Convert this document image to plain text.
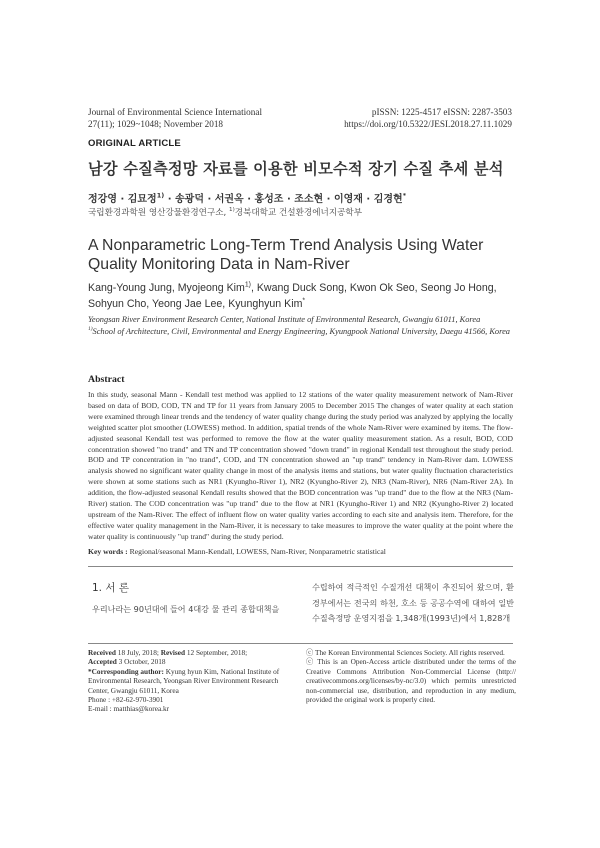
Journal of Environmental Science International
27(11); 1029~1048; November 2018
pISSN: 1225-4517 eISSN: 2287-3503
https://doi.org/10.5322/JESI.2018.27.11.1029
ORIGINAL ARTICLE
남강 수질측정망 자료를 이용한 비모수적 장기 수질 추세 분석
정강영 · 김묘정$^{1)}$ · 송광덕 · 서권옥 · 홍성조 · 조소현 · 이영재 · 김경현*
국립환경과학원 영산강물환경연구소, $^{1)}$경북대학교 건설환경에너지공학부
A Nonparametric Long-Term Trend Analysis Using Water Quality Monitoring Data in Nam-River
Kang-Young Jung, Myojeong Kim$^{1)}$, Kwang Duck Song, Kwon Ok Seo, Seong Jo Hong, Sohyun Cho, Yeong Jae Lee, Kyunghyun Kim*
Yeongsan River Environment Research Center, National Institute of Environmental Research, Gwangju 61011, Korea
$^{1)}$School of Architecture, Civil, Environmental and Energy Engineering, Kyungpook National University, Daegu 41566, Korea
Abstract
In this study, seasonal Mann - Kendall test method was applied to 12 stations of the water quality measurement network of Nam-River based on data of BOD, COD, TN and TP for 11 years from January 2005 to December 2015 The changes of water quality at each station were examined through linear trends and the tendency of water quality change during the study period was analyzed by applying the locally weighted scatter plot smoother (LOWESS) method. In addition, spatial trends of the whole Nam-River were examined by items. The flow-adjusted seasonal Kendall test was performed to remove the flow at the water quality measurement station. As a result, BOD, COD concentration showed "no trand" and TN and TP concentration showed "down trand" in regional Kendall test throughout the study period. BOD and TP concentration in "no trand", COD, and TN concentration showed an "up trand" tendency in Nam-River dam. LOWESS analysis showed no significant water quality change in most of the analysis items and stations, but water quality fluctuation characteristics were shown at some stations such as NR1 (Kyungho-River 1), NR2 (Kyungho-River 2), NR3 (Nam-River), NR6 (Nam-River 2A). In addition, the flow-adjusted seasonal Kendall results showed that the BOD concentration was "up trand" due to the flow at the NR3 (Nam-River) station. The COD concentration was "up trand" due to the flow at NR1 (Kyungho-River 1) and NR2 (Kyungho-River 2) located upstream of the Nam-River. The effect of influent flow on water quality varies according to each site and analysis item. Therefore, for the effective water quality management in the Nam-River, it is necessary to take measures to improve the water quality at the point where the water quality is continuously "up trand" during the study period.
Key words : Regional/seasonal Mann-Kendall, LOWESS, Nam-River, Nonparametric statistical
1. 서 론
우리나라는 90년대에 들어 4대강 물 관리 종합대책을
수립하여 적극적인 수질개선 대책이 추진되어 왔으며, 환경부에서는 전국의 하천, 호소 등 공공수역에 대하여 일반수질측정망 운영지점을 1,348개(1993년)에서 1,828개
Received 18 July, 2018; Revised 12 September, 2018;
Accepted 3 October, 2018
*Corresponding author: Kyung hyun Kim, National Institute of Environmental Research, Yeongsan River Environment Research Center, Gwangju 61011, Korea
Phone : +82-62-970-3901
E-mail : matthias@korea.kr
ⓒ The Korean Environmental Sciences Society. All rights reserved.
ⓒ This is an Open-Access article distributed under the terms of the Creative Commons Attribution Non-Commercial License (http:// creativecommons.org/licenses/by-nc/3.0) which permits unrestricted non-commercial use, distribution, and reproduction in any medium, provided the original work is properly cited.
